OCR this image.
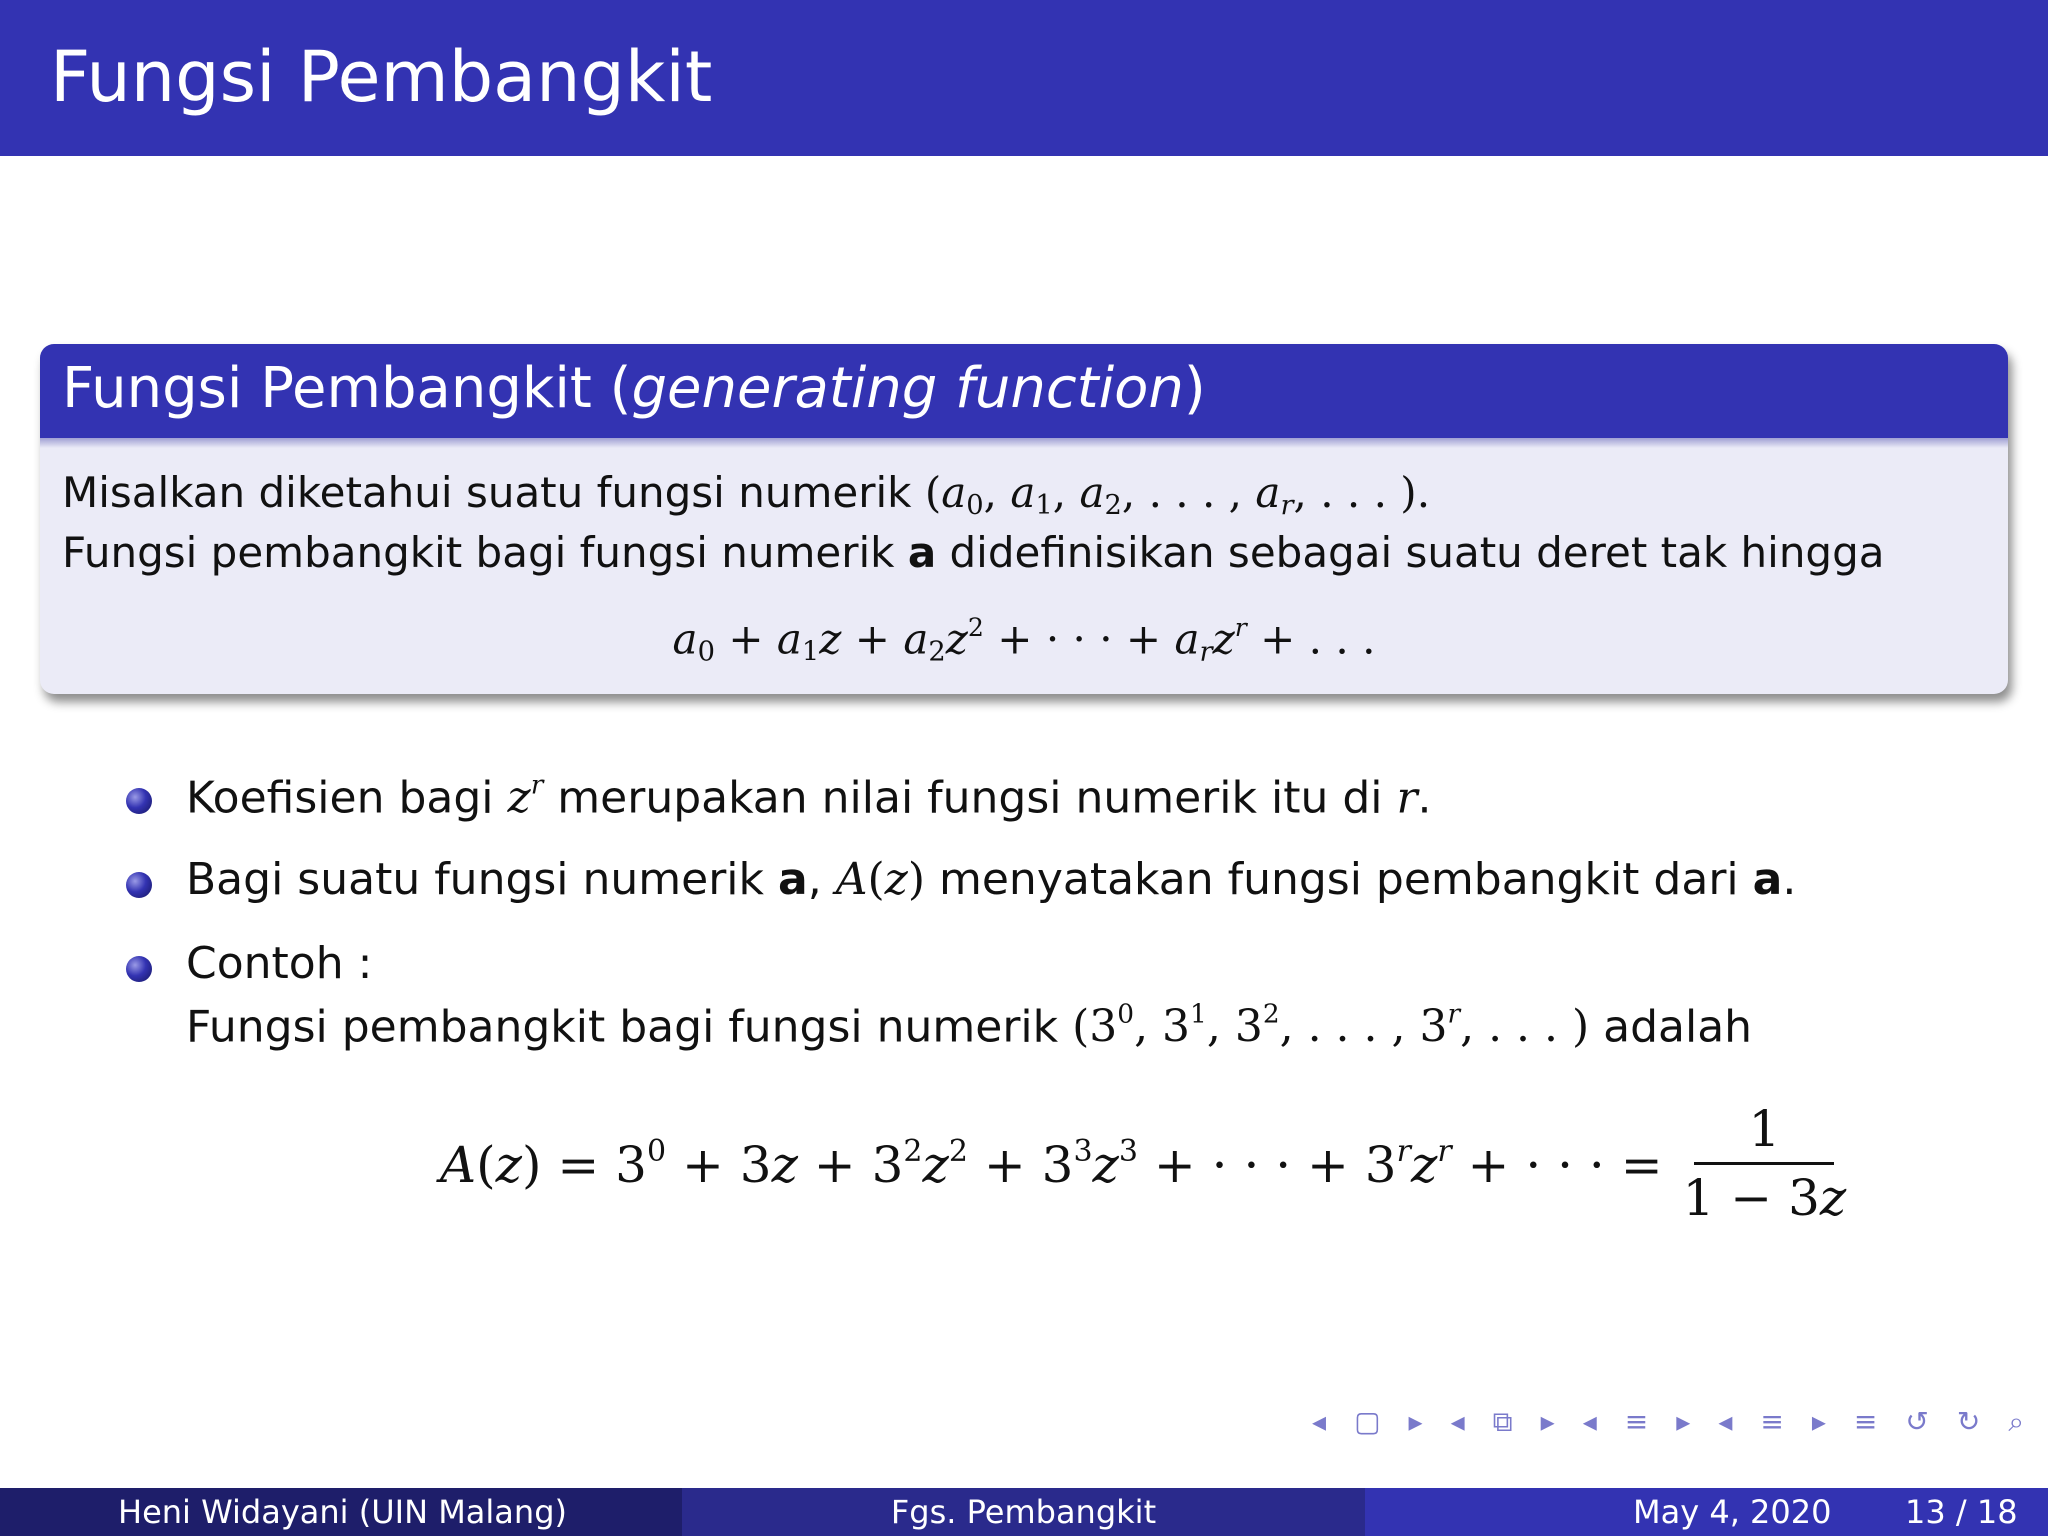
Fungsi Pembangkit
Fungsi Pembangkit (generating function)
Misalkan diketahui suatu fungsi numerik ($a_0$, $a_1$, $a_2$, . . . , $a_r$, . . . ).
Fungsi pembangkit bagi fungsi numerik a didefinisikan sebagai suatu deret tak hingga
$a_0 + a_1z + a_2z^2$ + · · · + $a_rz^r$ + . . .
Koefisien bagi $z^r$ merupakan nilai fungsi numerik itu di r.
Bagi suatu fungsi numerik a, A(z) menyatakan fungsi pembangkit dari a.
Contoh :
Fungsi pembangkit bagi fungsi numerik ($3^0$, $3^1$, $3^2$, . . . , 3$^r$, . . . ) adalah
$A(z) = 3^0 + 3z + 3^2z^2 + 3^3z^3$ + · · · + $3^rz^r$ + · · · = $\frac{1}{1 - 3z}$
◂ ▢ ▸ ◂ ⧉ ▸ ◂ ≡ ▸ ◂ ≡ ▸ ≡ ↺ ↻ ⌕
Heni Widayani (UIN Malang)	Fgs. Pembangkit	May 4, 2020 13 / 18
